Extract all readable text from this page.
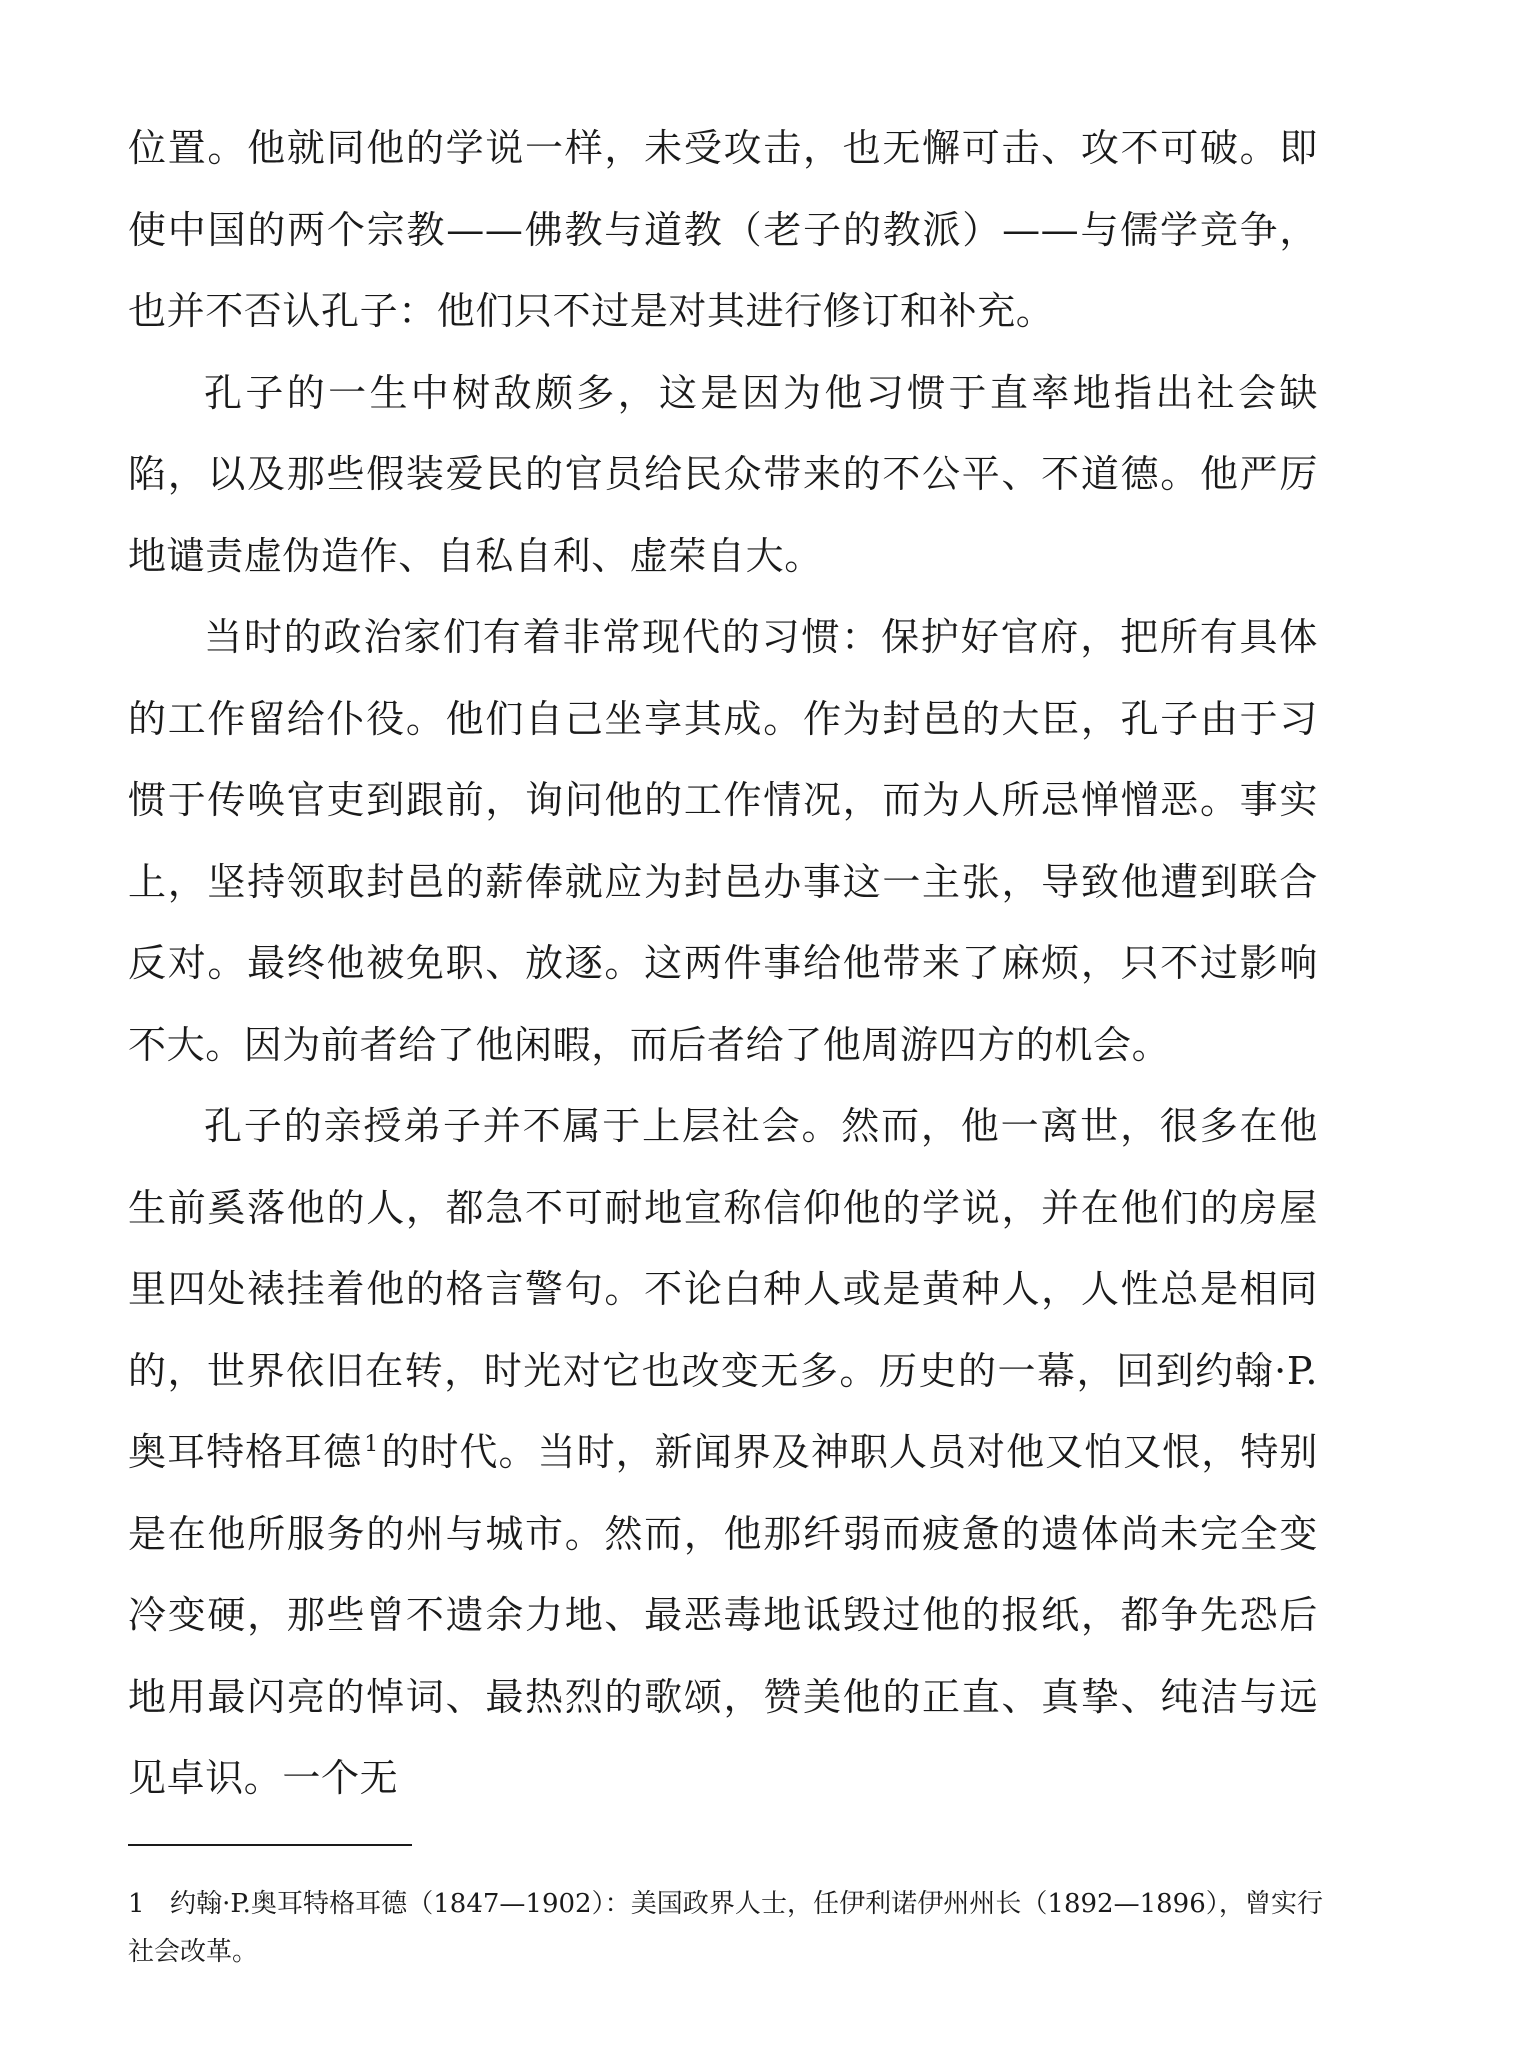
位置。他就同他的学说一样，未受攻击，也无懈可击、攻不可破。即使中国的两个宗教——佛教与道教（老子的教派）——与儒学竞争，也并不否认孔子：他们只不过是对其进行修订和补充。

孔子的一生中树敌颇多，这是因为他习惯于直率地指出社会缺陷，以及那些假装爱民的官员给民众带来的不公平、不道德。他严厉地谴责虚伪造作、自私自利、虚荣自大。

当时的政治家们有着非常现代的习惯：保护好官府，把所有具体的工作留给仆役。他们自己坐享其成。作为封邑的大臣，孔子由于习惯于传唤官吏到跟前，询问他的工作情况，而为人所忌惮憎恶。事实上，坚持领取封邑的薪俸就应为封邑办事这一主张，导致他遭到联合反对。最终他被免职、放逐。这两件事给他带来了麻烦，只不过影响不大。因为前者给了他闲暇，而后者给了他周游四方的机会。

孔子的亲授弟子并不属于上层社会。然而，他一离世，很多在他生前奚落他的人，都急不可耐地宣称信仰他的学说，并在他们的房屋里四处裱挂着他的格言警句。不论白种人或是黄种人，人性总是相同的，世界依旧在转，时光对它也改变无多。历史的一幕，回到约翰·P.奥耳特格耳德$^1$的时代。当时，新闻界及神职人员对他又怕又恨，特别是在他所服务的州与城市。然而，他那纤弱而疲惫的遗体尚未完全变冷变硬，那些曾不遗余力地、最恶毒地诋毁过他的报纸，都争先恐后地用最闪亮的悼词、最热烈的歌颂，赞美他的正直、真挚、纯洁与远见卓识。一个无

1 约翰·P.奥耳特格耳德（1847—1902）：美国政界人士，任伊利诺伊州州长（1892—1896），曾实行社会改革。
